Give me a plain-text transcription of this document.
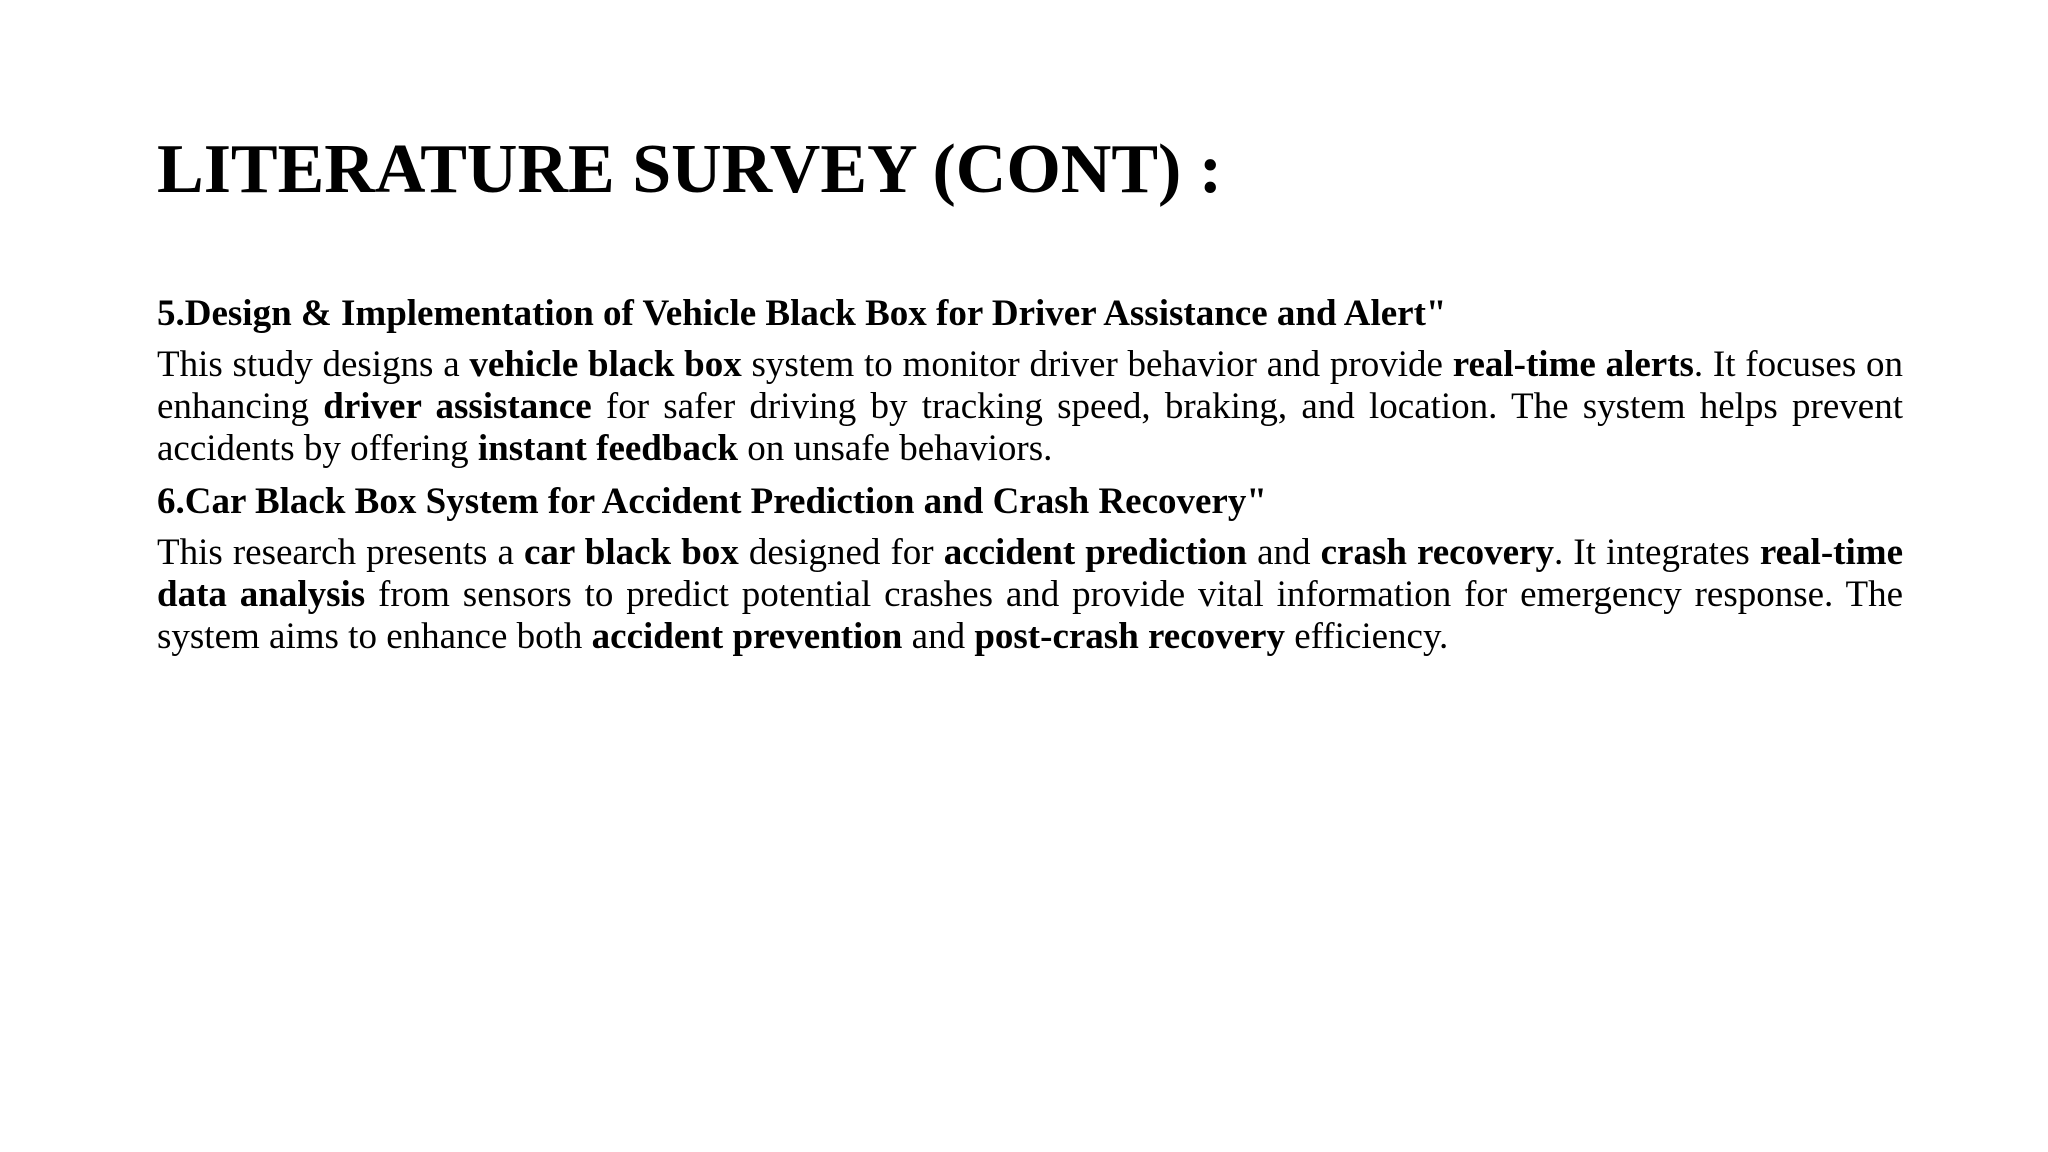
LITERATURE SURVEY (CONT) :

5.Design & Implementation of Vehicle Black Box for Driver Assistance and Alert"

This study designs a vehicle black box system to monitor driver behavior and provide real-time alerts. It focuses on enhancing driver assistance for safer driving by tracking speed, braking, and location. The system helps prevent accidents by offering instant feedback on unsafe behaviors.

6.Car Black Box System for Accident Prediction and Crash Recovery"

This research presents a car black box designed for accident prediction and crash recovery. It integrates real-time data analysis from sensors to predict potential crashes and provide vital information for emergency response. The system aims to enhance both accident prevention and post-crash recovery efficiency.
